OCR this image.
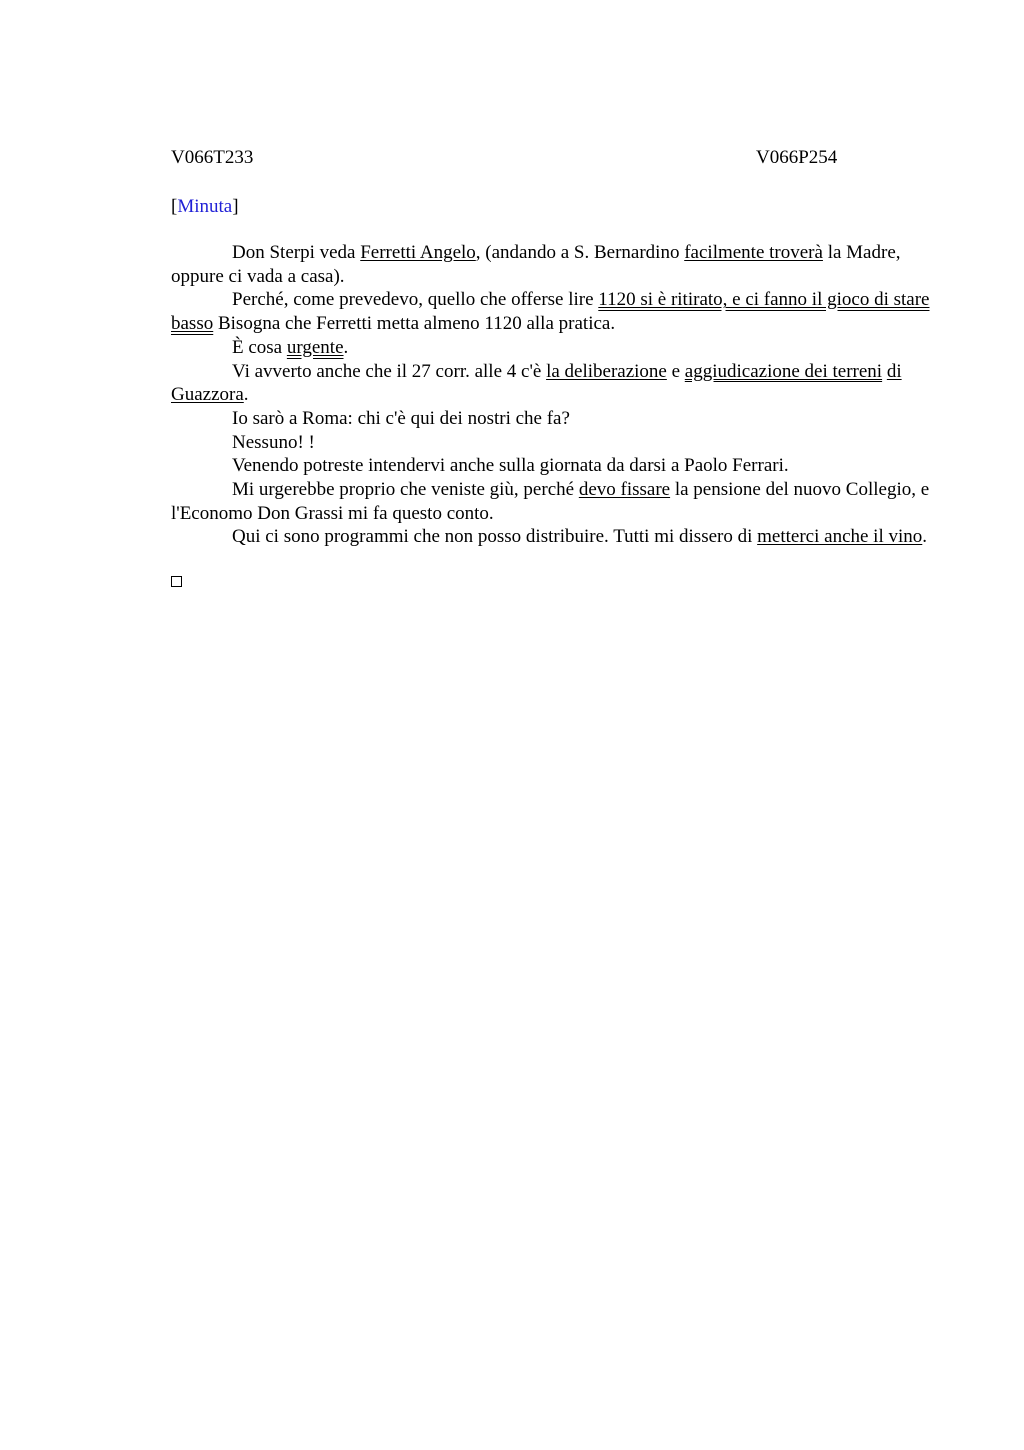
V066T233	V066P254
[Minuta]

Don Sterpi veda Ferretti Angelo, (andando a S. Bernardino facilmente troverà la Madre, oppure ci vada a casa).

Perché, come prevedevo, quello che offerse lire 1120 si è ritirato, e ci fanno il gioco di stare basso Bisogna che Ferretti metta almeno 1120 alla pratica.

È cosa urgente.

Vi avverto anche che il 27 corr. alle 4 c'è la deliberazione e aggiudicazione dei terreni di Guazzora.

Io sarò a Roma: chi c'è qui dei nostri che fa?

Nessuno! !

Venendo potreste intendervi anche sulla giornata da darsi a Paolo Ferrari.

Mi urgerebbe proprio che veniste giù, perché devo fissare la pensione del nuovo Collegio, e l'Economo Don Grassi mi fa questo conto.

Qui ci sono programmi che non posso distribuire. Tutti mi dissero di metterci anche il vino.
